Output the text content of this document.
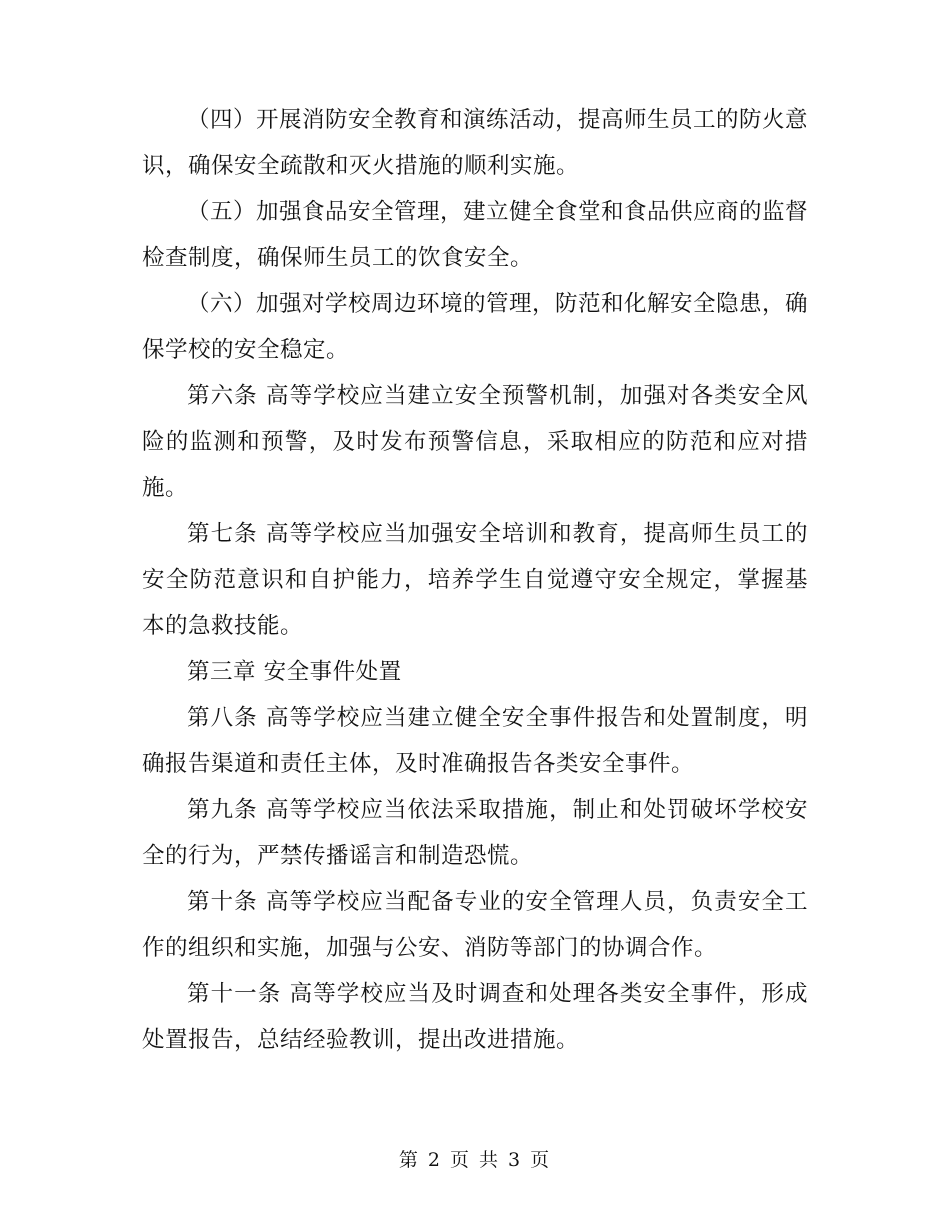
（四）开展消防安全教育和演练活动，提高师生员工的防火意识，确保安全疏散和灭火措施的顺利实施。

（五）加强食品安全管理，建立健全食堂和食品供应商的监督检查制度，确保师生员工的饮食安全。

（六）加强对学校周边环境的管理，防范和化解安全隐患，确保学校的安全稳定。

第六条 高等学校应当建立安全预警机制，加强对各类安全风险的监测和预警，及时发布预警信息，采取相应的防范和应对措施。

第七条 高等学校应当加强安全培训和教育，提高师生员工的安全防范意识和自护能力，培养学生自觉遵守安全规定，掌握基本的急救技能。

第三章 安全事件处置

第八条 高等学校应当建立健全安全事件报告和处置制度，明确报告渠道和责任主体，及时准确报告各类安全事件。

第九条 高等学校应当依法采取措施，制止和处罚破坏学校安全的行为，严禁传播谣言和制造恐慌。

第十条 高等学校应当配备专业的安全管理人员，负责安全工作的组织和实施，加强与公安、消防等部门的协调合作。

第十一条 高等学校应当及时调查和处理各类安全事件，形成处置报告，总结经验教训，提出改进措施。

第 2 页 共 3 页
